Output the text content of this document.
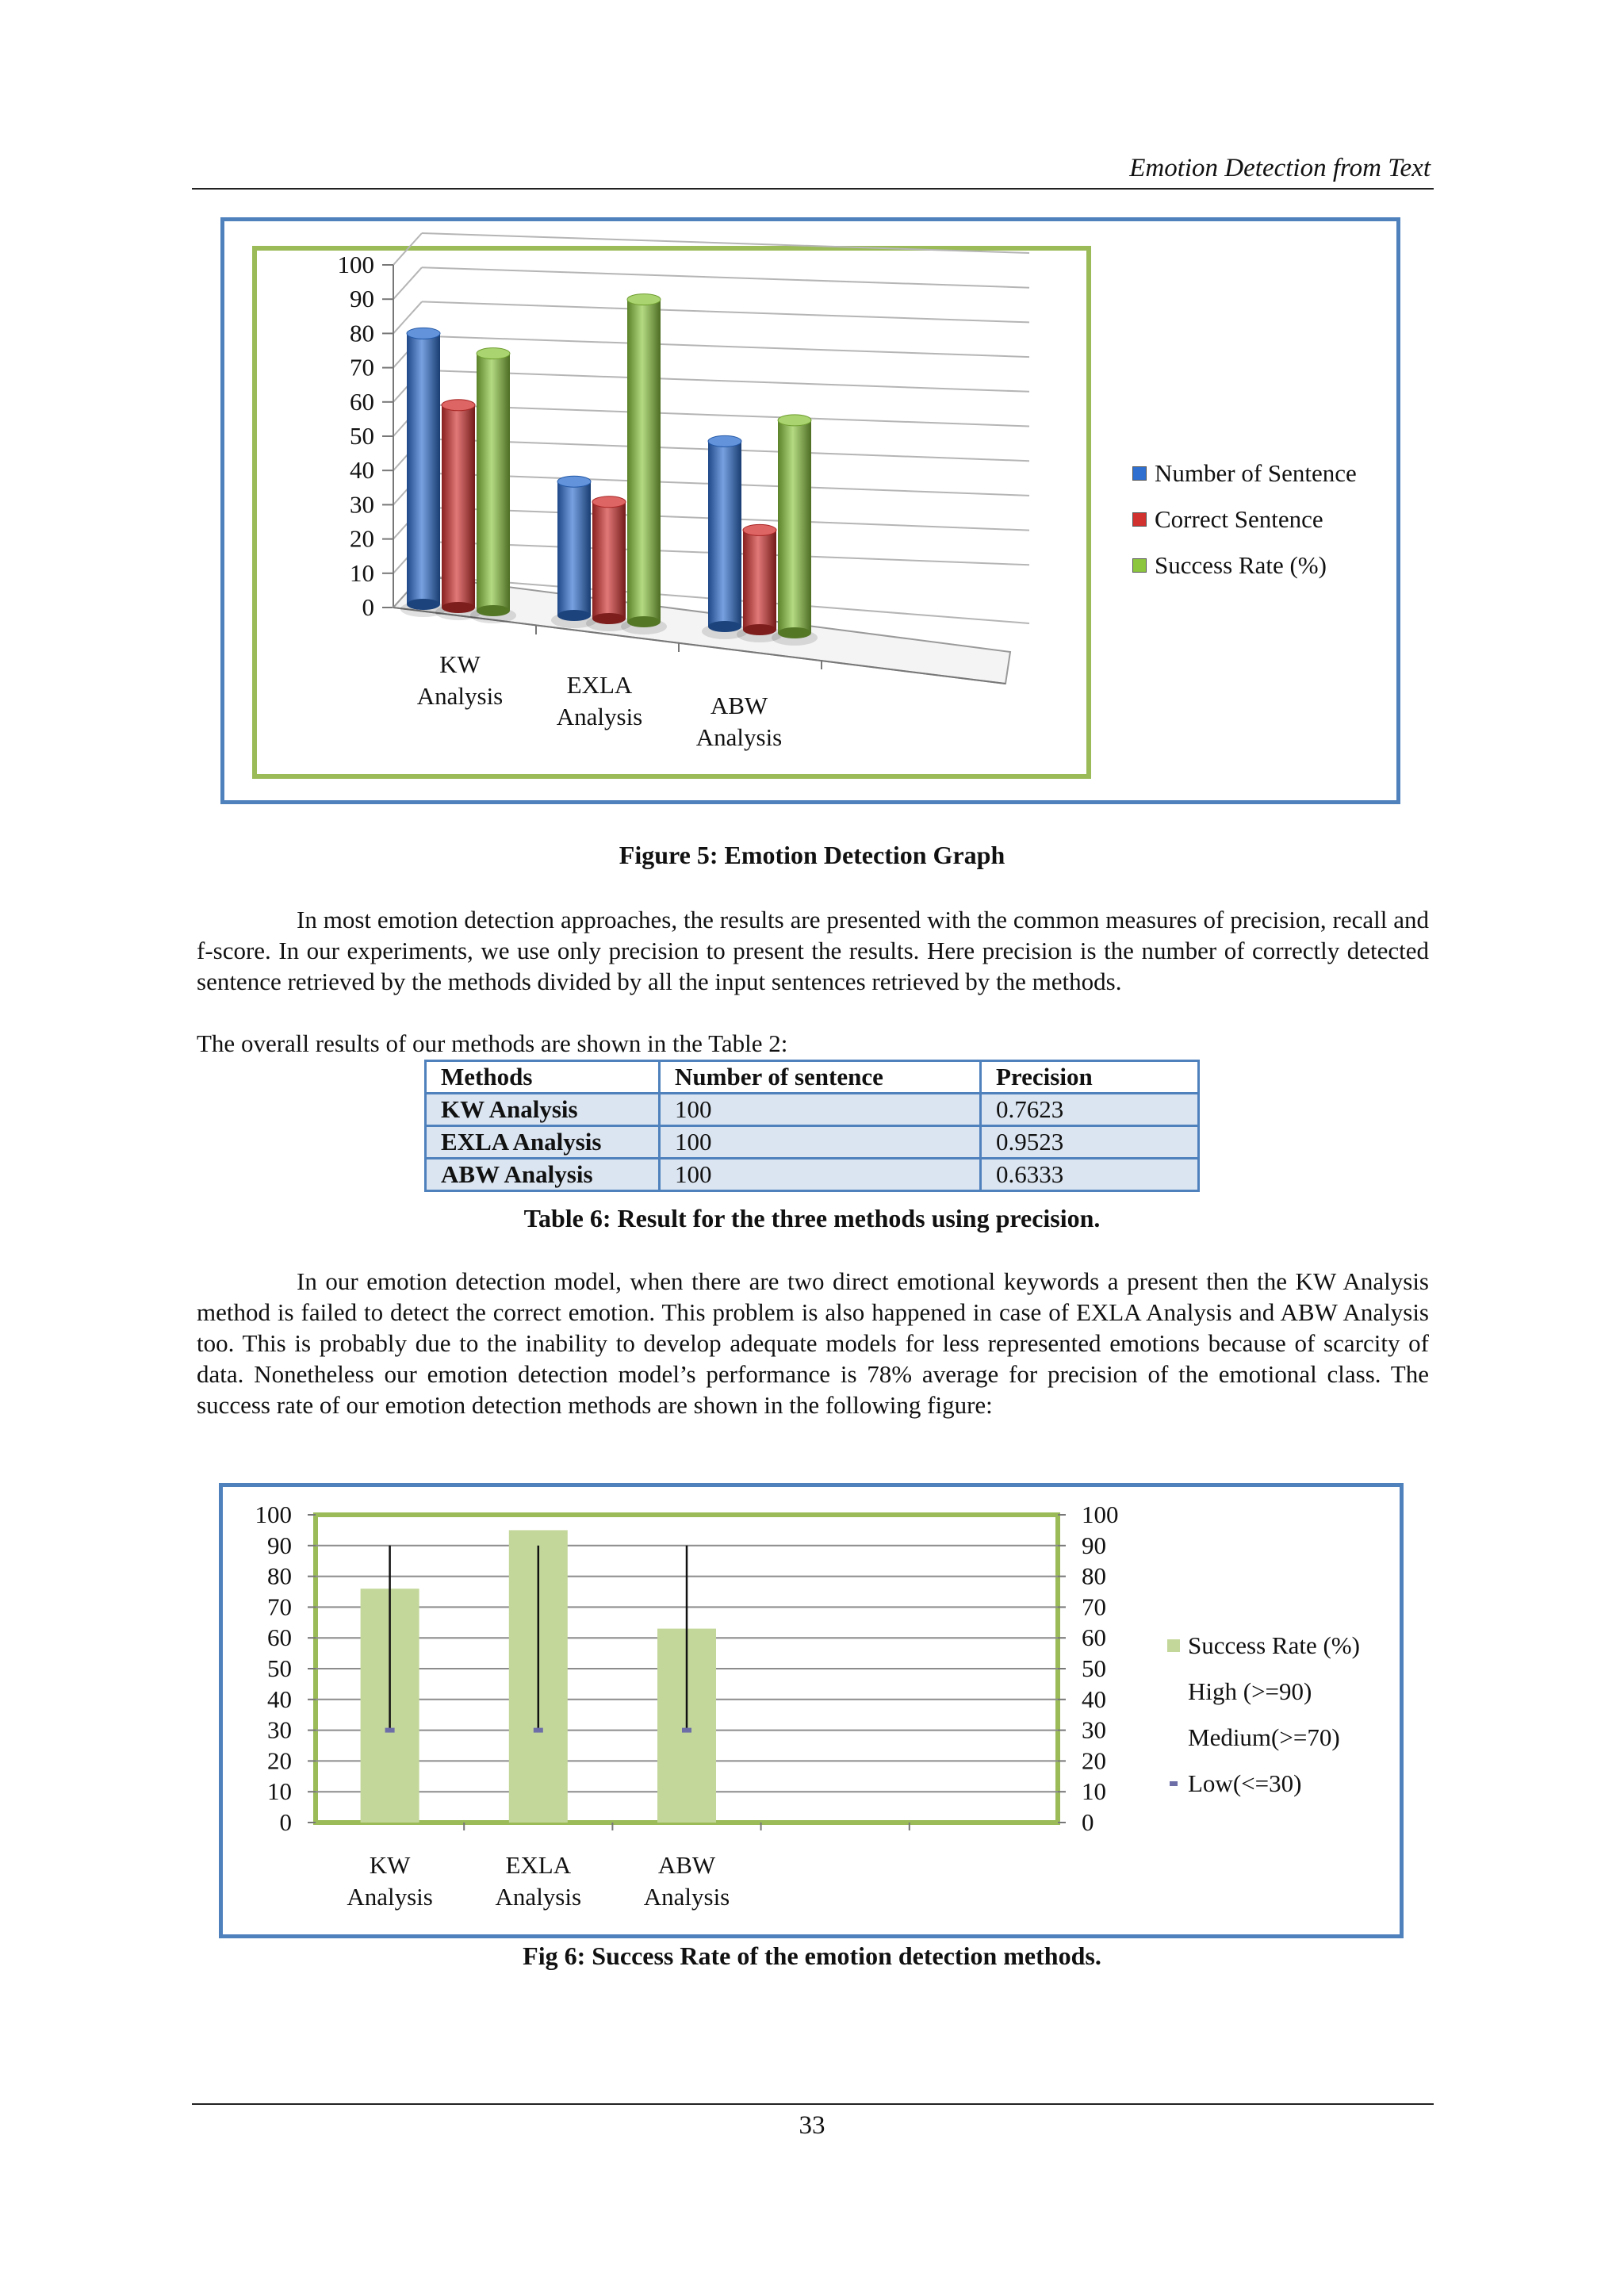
Emotion Detection from Text
0
10
20
30
40
50
60
70
80
90
100
KW
Analysis	EXLA
Analysis	ABW
Analysis
Number of Sentence
Correct Sentence
Success Rate (%)
Figure 5: Emotion Detection Graph
In most emotion detection approaches, the results are presented with the common measures of precision, recall and f-score. In our experiments, we use only precision to present the results. Here precision is the number of correctly detected sentence retrieved by the methods divided by all the input sentences retrieved by the methods.
The overall results of our methods are shown in the Table 2:
Methods	Number of sentence	Precision
KW Analysis	100	0.7623
EXLA Analysis	100	0.9523
ABW Analysis	100	0.6333
Table 6: Result for the three methods using precision.
In our emotion detection model, when there are two direct emotional keywords a present then the KW Analysis method is failed to detect the correct emotion. This problem is also happened in case of EXLA Analysis and ABW Analysis too. This is probably due to the inability to develop adequate models for less represented emotions because of scarcity of data. Nonetheless our emotion detection model’s performance is 78% average for precision of the emotional class. The success rate of our emotion detection methods are shown in the following figure:
0
10
20
30
40
50
60
70
80
90
100
0
10
20
30
40
50
60
70
80
90
100
KW
Analysis
EXLA
Analysis
ABW
Analysis
Success Rate (%)
High (>=90)
Medium(>=70)
Low(<=30)
Fig 6: Success Rate of the emotion detection methods.
33
